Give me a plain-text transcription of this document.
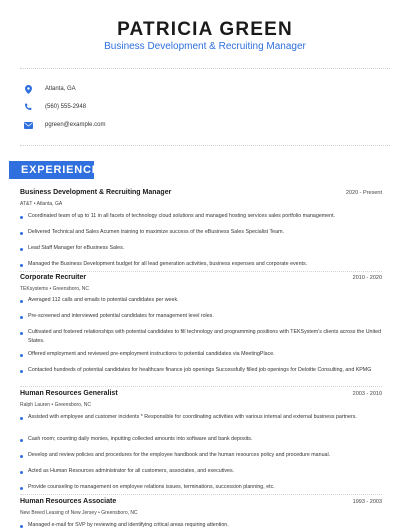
PATRICIA GREEN
Business Development & Recruiting Manager
Atlanta, GA
(560) 555-2948
pgreen@example.com
EXPERIENCE
Business Development & Recruiting Manager	2020 - Present
AT&T • Atlanta, GA
Coordinated team of up to 11 in all facets of technology cloud solutions and managed hosting services sales portfolio management.
Delivered Technical and Sales Acumen training to maximize success of the eBusiness Sales Specialist Team.
Lead Staff Manager for eBusiness Sales.
Managed the Business Development budget for all lead generation activities, business expenses and corporate events.
Corporate Recruiter	2010 - 2020
TEKsystems • Greensboro, NC
Averaged 112 calls and emails to potential candidates per week.
Pre-screened and interviewed potential candidates for management level roles.
Cultivated and fostered relationships with potential candidates to fill technology and programming positions with TEKSystem's clients across the United States.
Offered employment and reviewed pre-employment instructions to potential candidates via MeetingPlace.
Contacted hundreds of potential candidates for healthcare finance job openings Successfully filled job openings for Deloitte Consulting, and KPMG
Human Resources Generalist	2003 - 2010
Ralph Lauren • Greensboro, NC
Assisted with employee and customer incidents * Responsible for coordinating activities with various internal and external business partners.
Cash room; counting daily monies, inputting collected amounts into software and bank deposits.
Develop and review policies and procedures for the employee handbook and the human resources policy and procedure manual.
Acted as Human Resources administrator for all customers, associates, and executives.
Provide counseling to management on employee relations issues, terminations, succession planning, etc.
Human Resources Associate	1993 - 2003
New Breed Leasing of New Jersey • Greensboro, NC
Managed e-mail for SVP by reviewing and identifying critical areas requiring attention.
